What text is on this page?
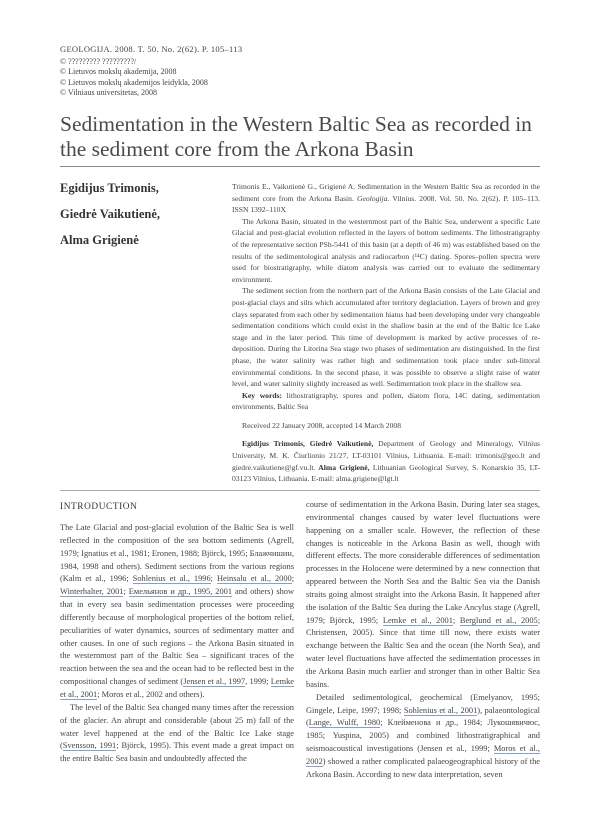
GEOLOGIJA. 2008. T. 50. No. 2(62). P. 105–113
© ????????? ?????????/
© Lietuvos mokslų akademija, 2008
© Lietuvos mokslų akademijos leidykla, 2008
© Vilniaus universitetas, 2008
Sedimentation in the Western Baltic Sea as recorded in the sediment core from the Arkona Basin
Egidijus Trimonis,
Giedrė Vaikutienė,
Alma Grigienė

Trimonis E., Vaikutienė G., Grigienė A. Sedimentation in the Western Baltic Sea as recorded in the sediment core from the Arkona Basin. Geologija. Vilnius. 2008. Vol. 50. No. 2(62). P. 105–113. ISSN 1392–110X

The Arkona Basin, situated in the westernmost part of the Baltic Sea, underwent a specific Late Glacial and post-glacial evolution reflected in the layers of bottom sediments. The lithostratigraphy of the representative section PSh-5441 of this basin (at a depth of 46 m) was established based on the results of the sedimentological analysis and radiocarbon (¹⁴C) dating. Spores–pollen spectra were used for biostratigraphy, while diatom analysis was carried out to evaluate the sedimentary environment.

The sediment section from the northern part of the Arkona Basin consists of the Late Glacial and post-glacial clays and silts which accumulated after territory deglaciation. Layers of brown and grey clays separated from each other by sedimentation hiatus had been developing under very changeable sedimentation conditions which could exist in the shallow basin at the end of the Baltic Ice Lake stage and in the later period. This time of development is marked by active processes of re-deposition. During the Litorina Sea stage two phases of sedimentation are distinguished. In the first phase, the water salinity was rather high and sedimentation took place under sub-littoral environmental conditions. In the second phase, it was possible to observe a slight raise of water level, and water salinity slightly increased as well. Sedimentation took place in the shallow sea.

Key words: lithostratigraphy, spores and pollen, diatom flora, 14C dating, sedimentation environments, Baltic Sea

Received 22 January 2008, accepted 14 March 2008

Egidijus Trimonis, Giedrė Vaikutienė, Department of Geology and Mineralogy, Vilnius University, M. K. Čiurlionio 21/27, LT-03101 Vilnius, Lithuania. E-mail: trimonis@geo.lt and giedre.vaikutiene@gf.vu.lt. Alma Grigienė, Lithuanian Geological Survey, S. Konarskio 35, LT-03123 Vilnius, Lithuania. E-mail: alma.grigiene@lgt.lt

INTRODUCTION

The Late Glacial and post-glacial evolution of the Baltic Sea is well reflected in the composition of the sea bottom sediments (Agrell, 1979; Ignatius et al., 1981; Eronen, 1988; Björck, 1995; Блажчишин, 1984, 1998 and others). Sediment sections from the various regions (Kalm et al., 1996; Sohlenius et al., 1996; Heinsalu et al., 2000; Winterhalter, 2001; Емельянов и др., 1995, 2001 and others) show that in every sea basin sedimentation processes were proceeding differently because of morphological properties of the bottom relief, peculiarities of water dynamics, sources of sedimentary matter and other causes. In one of such regions – the Arkona Basin situated in the westernmost part of the Baltic Sea – significant traces of the reaction between the sea and the ocean had to be reflected best in the compositional changes of sediment (Jensen et al., 1997, 1999; Lemke et al., 2001; Moros et al., 2002 and others).

The level of the Baltic Sea changed many times after the recession of the glacier. An abrupt and considerable (about 25 m) fall of the water level happened at the end of the Baltic Ice Lake stage (Svensson, 1991; Björck, 1995). This event made a great impact on the entire Baltic Sea basin and undoubtedly affected the

course of sedimentation in the Arkona Basin. During later sea stages, environmental changes caused by water level fluctuations were happening on a smaller scale. However, the reflection of these changes is noticeable in the Arkona Basin as well, though with different effects. The more considerable differences of sedimentation processes in the Holocene were determined by a new connection that appeared between the North Sea and the Baltic Sea via the Danish straits going almost straight into the Arkona Basin. It happened after the isolation of the Baltic Sea during the Lake Ancylus stage (Agrell, 1979; Björck, 1995; Lemke et al., 2001; Berglund et al., 2005; Christensen, 2005). Since that time till now, there exists water exchange between the Baltic Sea and the ocean (the North Sea), and water level fluctuations have affected the sedimentation processes in the Arkona Basin much earlier and stronger than in other Baltic Sea basins.

Detailed sedimentological, geochemical (Emelyanov, 1995; Gingele, Leipe, 1997; 1998; Sohlenius et al., 2001), palaeontological (Lange, Wulff, 1980; Клейменова и др., 1984; Лукошявичюс, 1985; Yuspina, 2005) and combined lithostratigraphical and seismoacoustical investigations (Jensen et al., 1999; Moros et al., 2002) showed a rather complicated palaeogeographical history of the Arkona Basin. According to new data interpretation, seven
